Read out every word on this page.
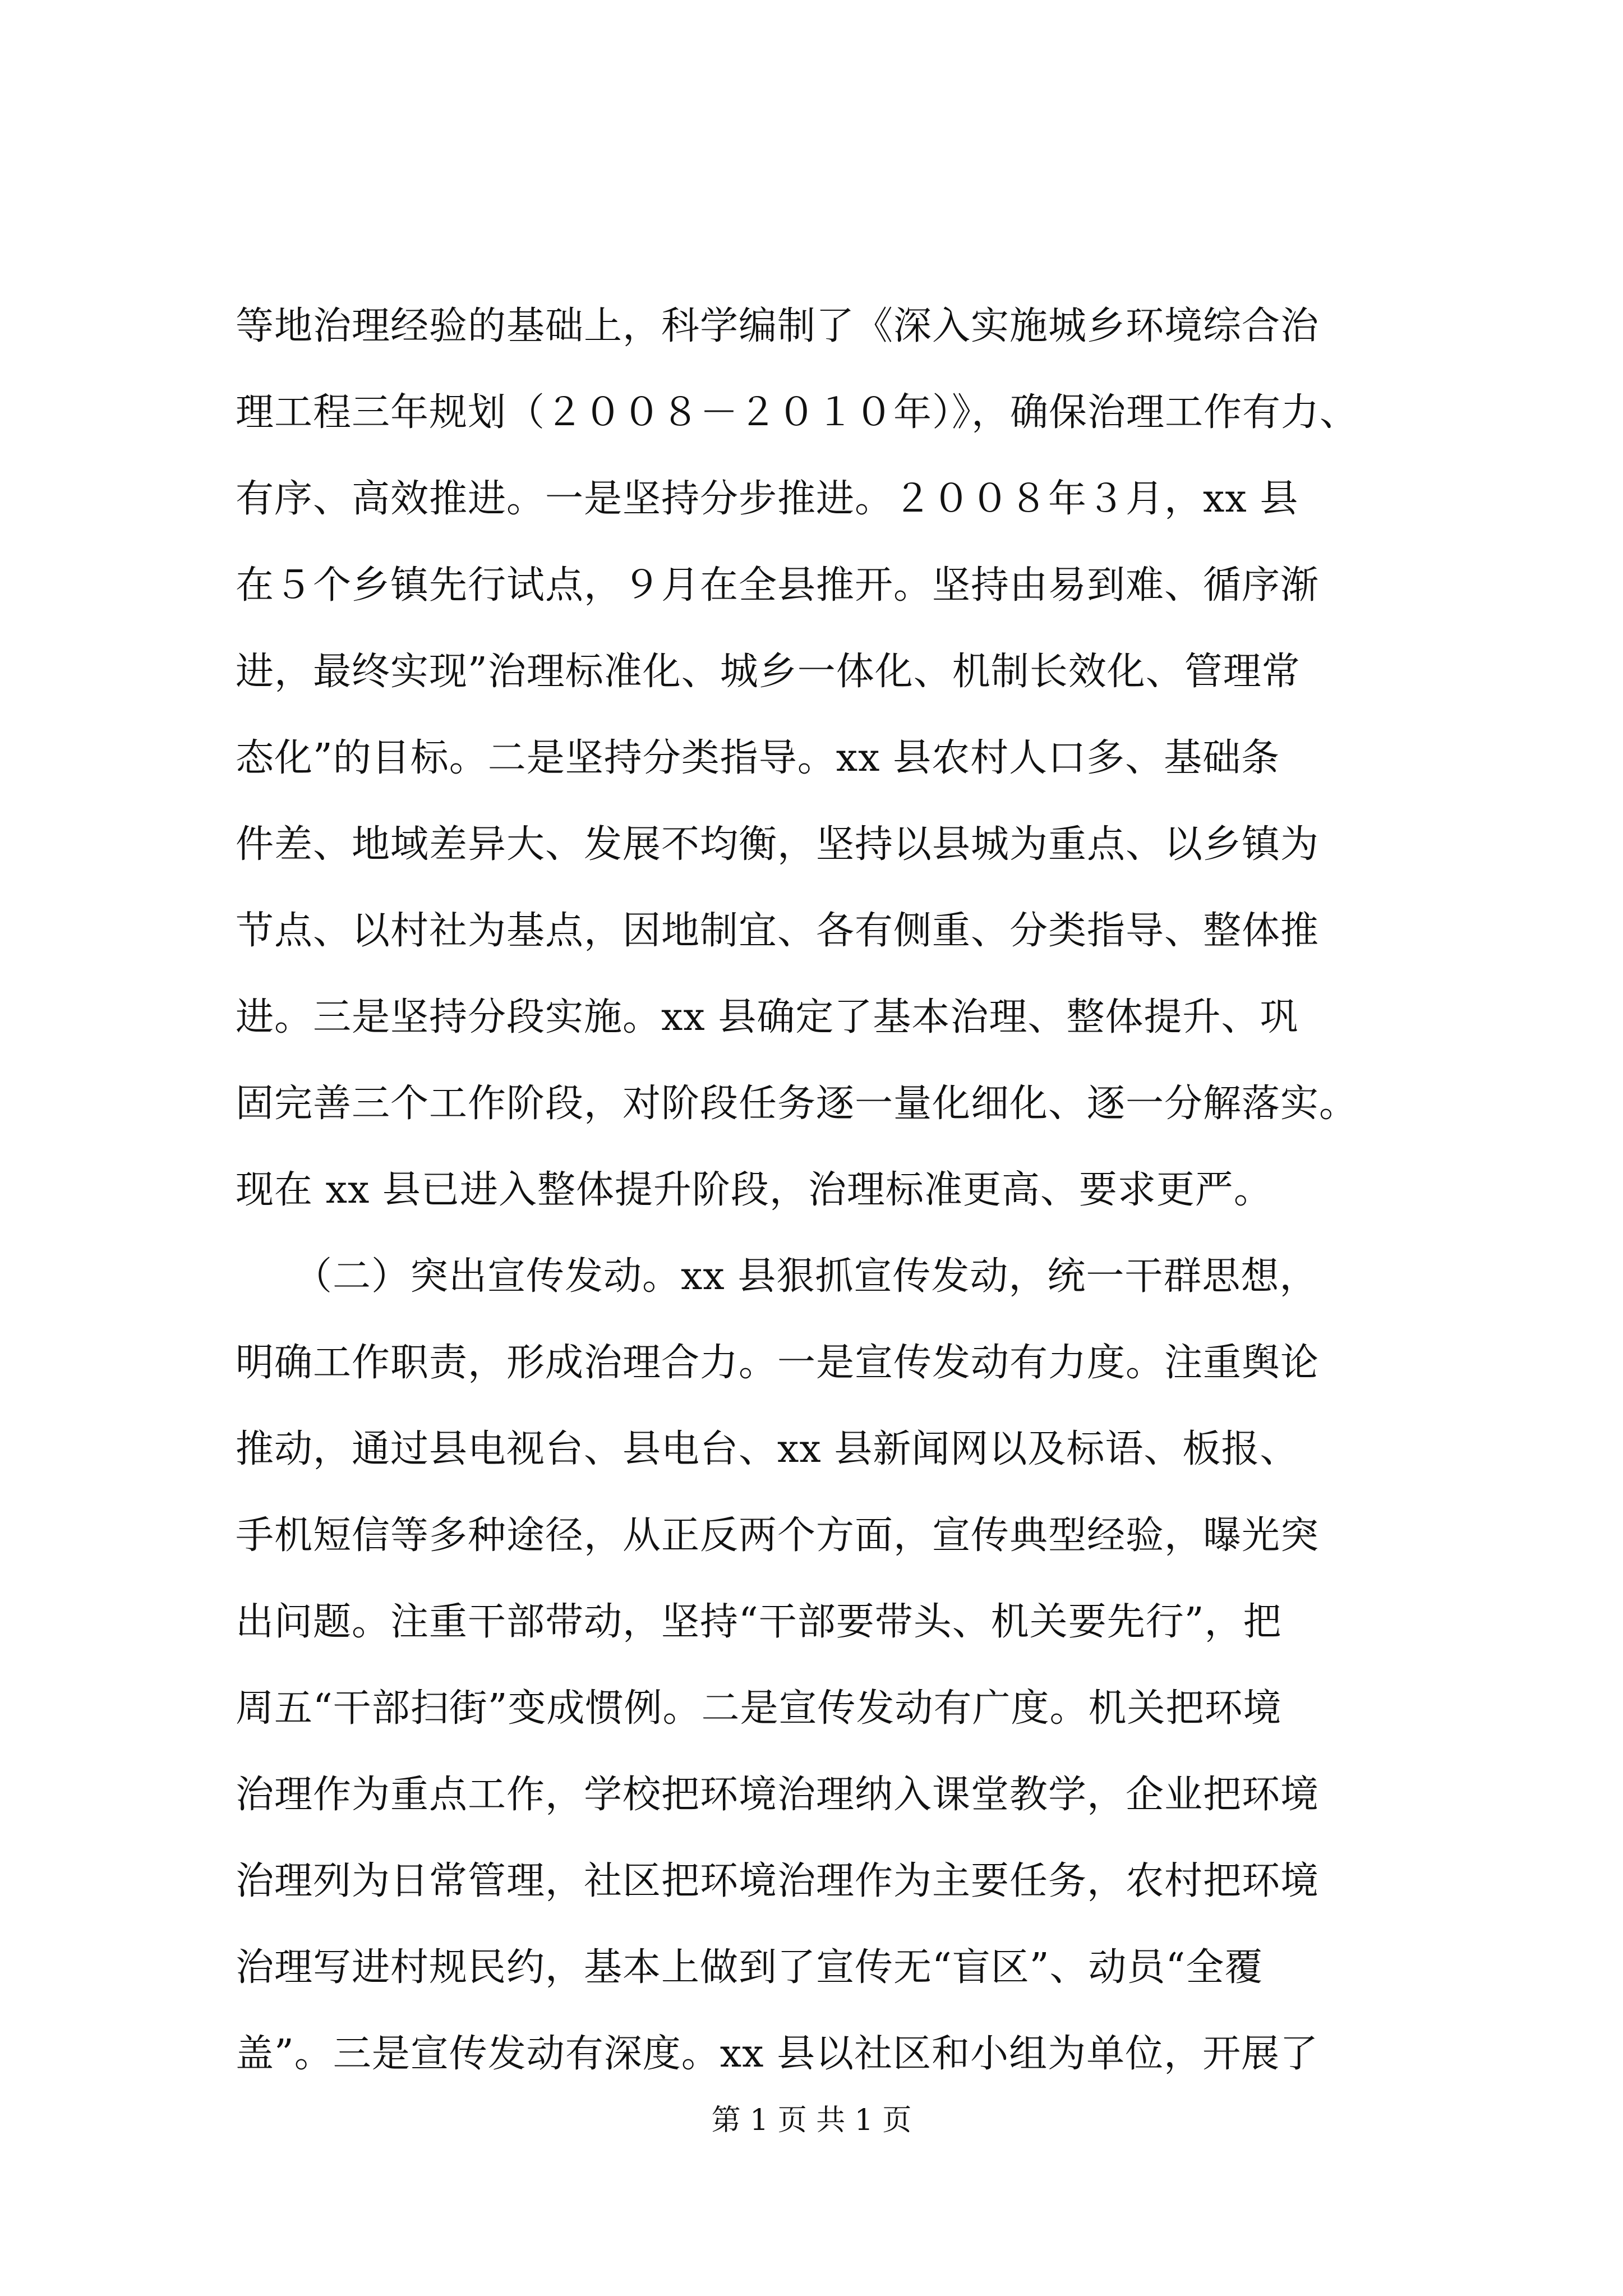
等地治理经验的基础上，科学编制了《深入实施城乡环境综合治
理工程三年规划（２００８－２０１０年）》，确保治理工作有力、
有序、高效推进。一是坚持分步推进。２００８年３月，xx 县
在５个乡镇先行试点，９月在全县推开。坚持由易到难、循序渐
进，最终实现”治理标准化、城乡一体化、机制长效化、管理常
态化”的目标。二是坚持分类指导。xx 县农村人口多、基础条
件差、地域差异大、发展不均衡，坚持以县城为重点、以乡镇为
节点、以村社为基点，因地制宜、各有侧重、分类指导、整体推
进。三是坚持分段实施。xx 县确定了基本治理、整体提升、巩
固完善三个工作阶段，对阶段任务逐一量化细化、逐一分解落实。
现在 xx 县已进入整体提升阶段，治理标准更高、要求更严。
　　（二）突出宣传发动。xx 县狠抓宣传发动，统一干群思想，
明确工作职责，形成治理合力。一是宣传发动有力度。注重舆论
推动，通过县电视台、县电台、xx 县新闻网以及标语、板报、
手机短信等多种途径，从正反两个方面，宣传典型经验，曝光突
出问题。注重干部带动，坚持“干部要带头、机关要先行”，把
周五“干部扫街”变成惯例。二是宣传发动有广度。机关把环境
治理作为重点工作，学校把环境治理纳入课堂教学，企业把环境
治理列为日常管理，社区把环境治理作为主要任务，农村把环境
治理写进村规民约，基本上做到了宣传无“盲区”、动员“全覆
盖”。三是宣传发动有深度。xx 县以社区和小组为单位，开展了
第 1 页 共 1 页
